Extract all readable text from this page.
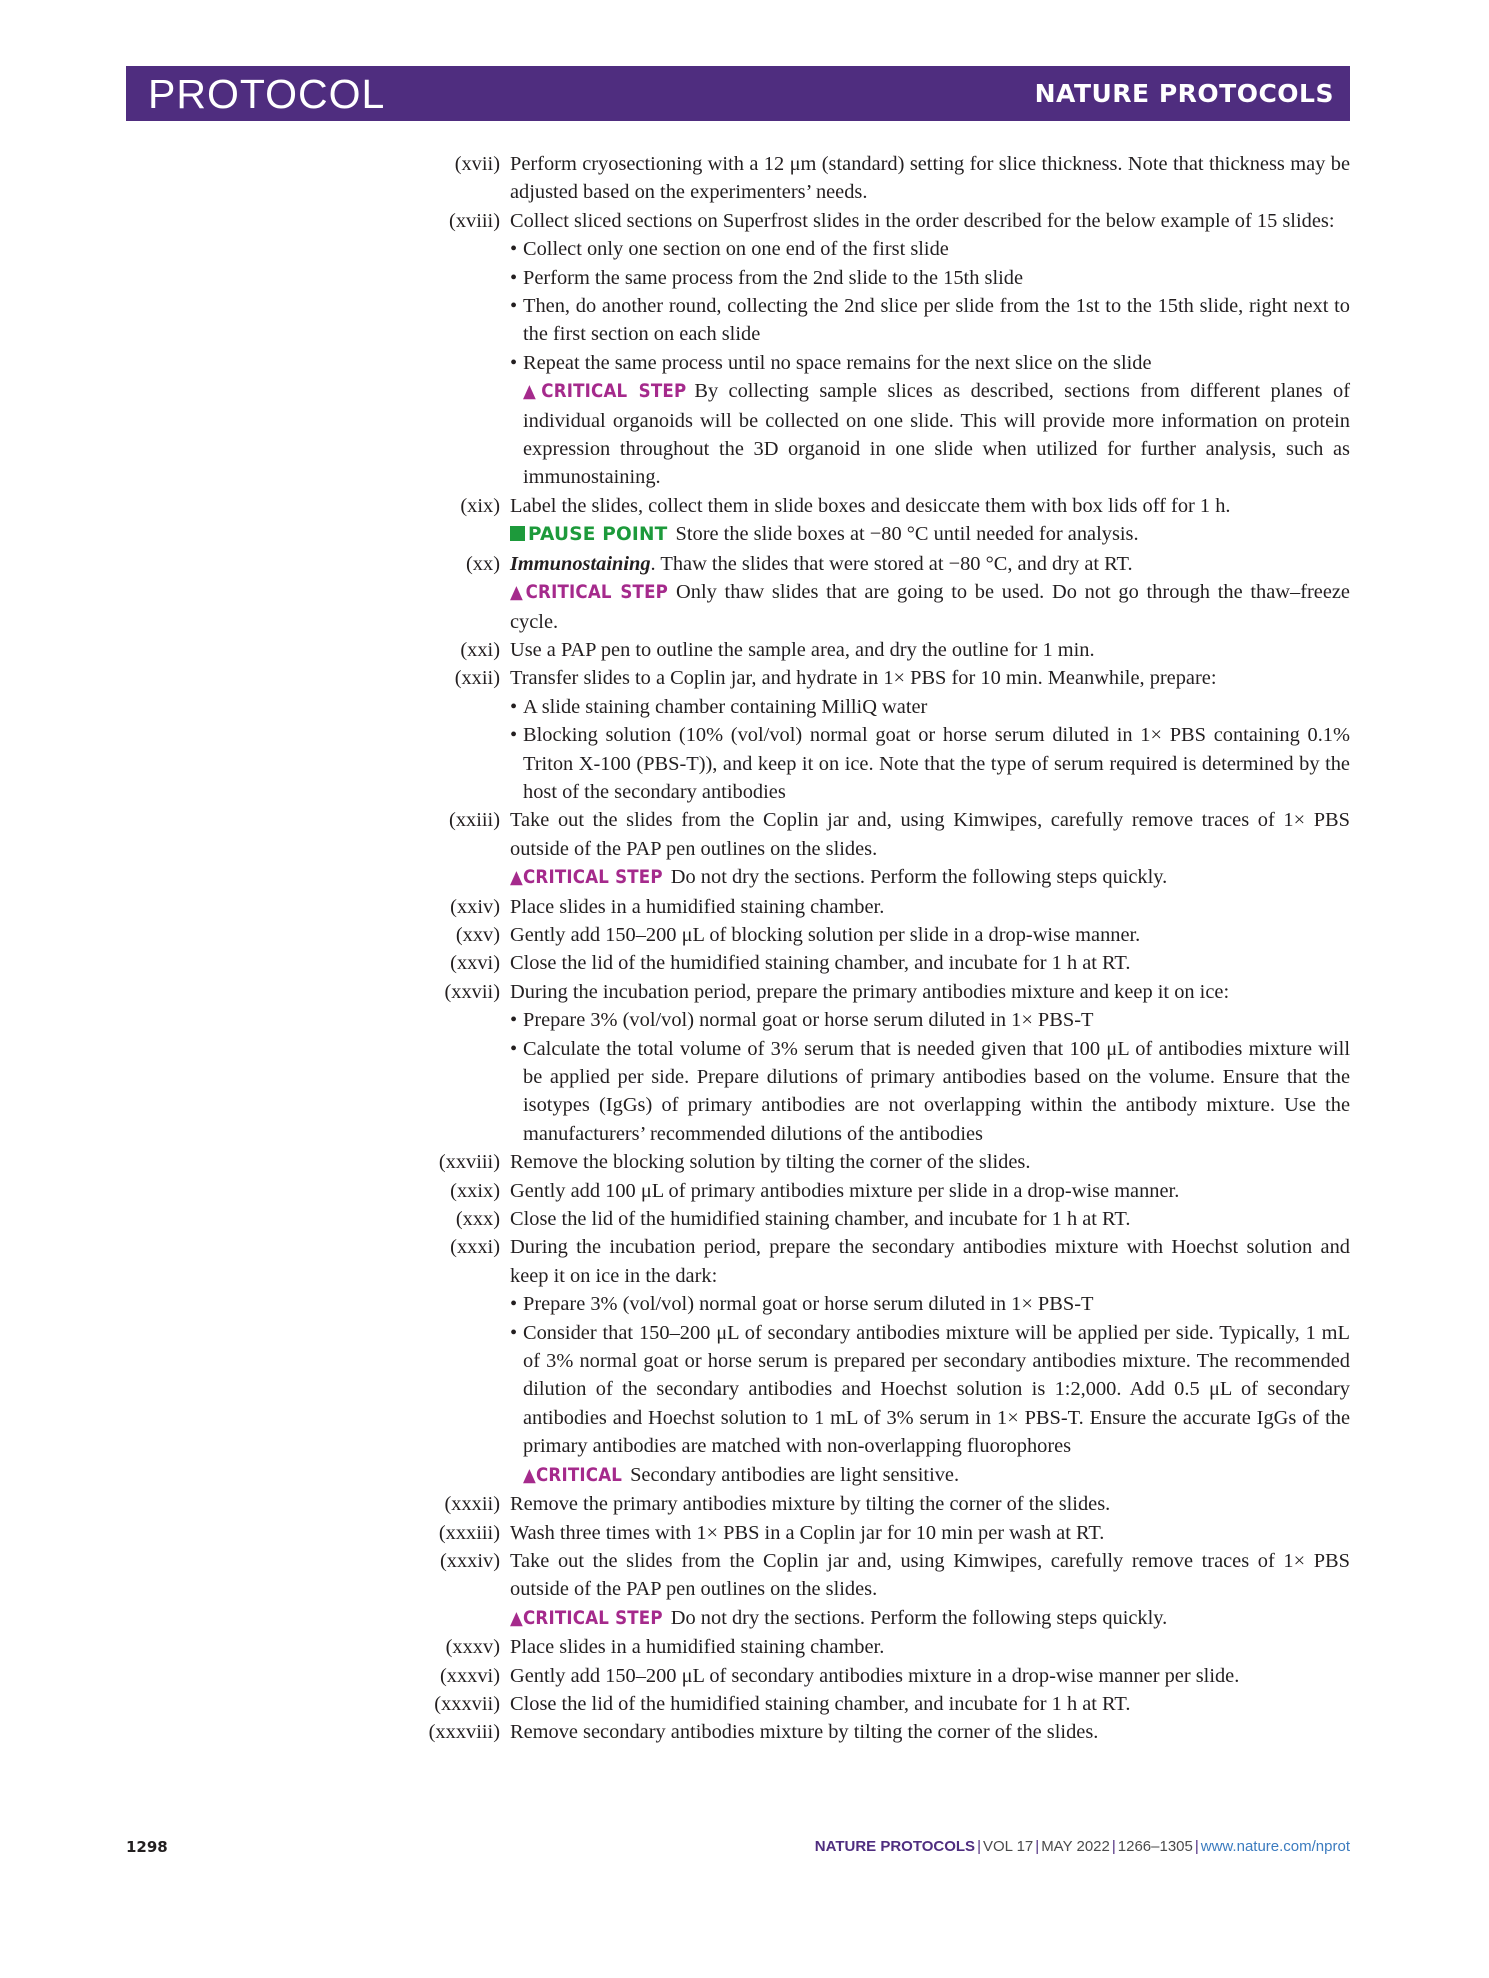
PROTOCOL	NATURE PROTOCOLS
(xvii) Perform cryosectioning with a 12 μm (standard) setting for slice thickness. Note that thickness may be adjusted based on the experimenters’ needs.
(xviii) Collect sliced sections on Superfrost slides in the order described for the below example of 15 slides:
• Collect only one section on one end of the first slide
• Perform the same process from the 2nd slide to the 15th slide
• Then, do another round, collecting the 2nd slice per slide from the 1st to the 15th slide, right next to the first section on each slide
• Repeat the same process until no space remains for the next slice on the slide
▲CRITICAL STEP By collecting sample slices as described, sections from different planes of individual organoids will be collected on one slide. This will provide more information on protein expression throughout the 3D organoid in one slide when utilized for further analysis, such as immunostaining.
(xix) Label the slides, collect them in slide boxes and desiccate them with box lids off for 1 h.
PAUSE POINT Store the slide boxes at −80 °C until needed for analysis.
(xx) Immunostaining. Thaw the slides that were stored at −80 °C, and dry at RT.
▲CRITICAL STEP Only thaw slides that are going to be used. Do not go through the thaw–freeze cycle.
(xxi) Use a PAP pen to outline the sample area, and dry the outline for 1 min.
(xxii) Transfer slides to a Coplin jar, and hydrate in 1× PBS for 10 min. Meanwhile, prepare:
• A slide staining chamber containing MilliQ water
• Blocking solution (10% (vol/vol) normal goat or horse serum diluted in 1× PBS containing 0.1% Triton X-100 (PBS-T)), and keep it on ice. Note that the type of serum required is determined by the host of the secondary antibodies
(xxiii) Take out the slides from the Coplin jar and, using Kimwipes, carefully remove traces of 1× PBS outside of the PAP pen outlines on the slides.
▲CRITICAL STEP Do not dry the sections. Perform the following steps quickly.
(xxiv) Place slides in a humidified staining chamber.
(xxv) Gently add 150–200 μL of blocking solution per slide in a drop-wise manner.
(xxvi) Close the lid of the humidified staining chamber, and incubate for 1 h at RT.
(xxvii) During the incubation period, prepare the primary antibodies mixture and keep it on ice:
• Prepare 3% (vol/vol) normal goat or horse serum diluted in 1× PBS-T
• Calculate the total volume of 3% serum that is needed given that 100 μL of antibodies mixture will be applied per side. Prepare dilutions of primary antibodies based on the volume. Ensure that the isotypes (IgGs) of primary antibodies are not overlapping within the antibody mixture. Use the manufacturers’ recommended dilutions of the antibodies
(xxviii) Remove the blocking solution by tilting the corner of the slides.
(xxix) Gently add 100 μL of primary antibodies mixture per slide in a drop-wise manner.
(xxx) Close the lid of the humidified staining chamber, and incubate for 1 h at RT.
(xxxi) During the incubation period, prepare the secondary antibodies mixture with Hoechst solution and keep it on ice in the dark:
• Prepare 3% (vol/vol) normal goat or horse serum diluted in 1× PBS-T
• Consider that 150–200 μL of secondary antibodies mixture will be applied per side. Typically, 1 mL of 3% normal goat or horse serum is prepared per secondary antibodies mixture. The recommended dilution of the secondary antibodies and Hoechst solution is 1:2,000. Add 0.5 μL of secondary antibodies and Hoechst solution to 1 mL of 3% serum in 1× PBS-T. Ensure the accurate IgGs of the primary antibodies are matched with non-overlapping fluorophores
▲CRITICAL Secondary antibodies are light sensitive.
(xxxii) Remove the primary antibodies mixture by tilting the corner of the slides.
(xxxiii) Wash three times with 1× PBS in a Coplin jar for 10 min per wash at RT.
(xxxiv) Take out the slides from the Coplin jar and, using Kimwipes, carefully remove traces of 1× PBS outside of the PAP pen outlines on the slides.
▲CRITICAL STEP Do not dry the sections. Perform the following steps quickly.
(xxxv) Place slides in a humidified staining chamber.
(xxxvi) Gently add 150–200 μL of secondary antibodies mixture in a drop-wise manner per slide.
(xxxvii) Close the lid of the humidified staining chamber, and incubate for 1 h at RT.
(xxxviii) Remove secondary antibodies mixture by tilting the corner of the slides.
1298	NATURE PROTOCOLS | VOL 17 | MAY 2022 | 1266–1305 | www.nature.com/nprot
